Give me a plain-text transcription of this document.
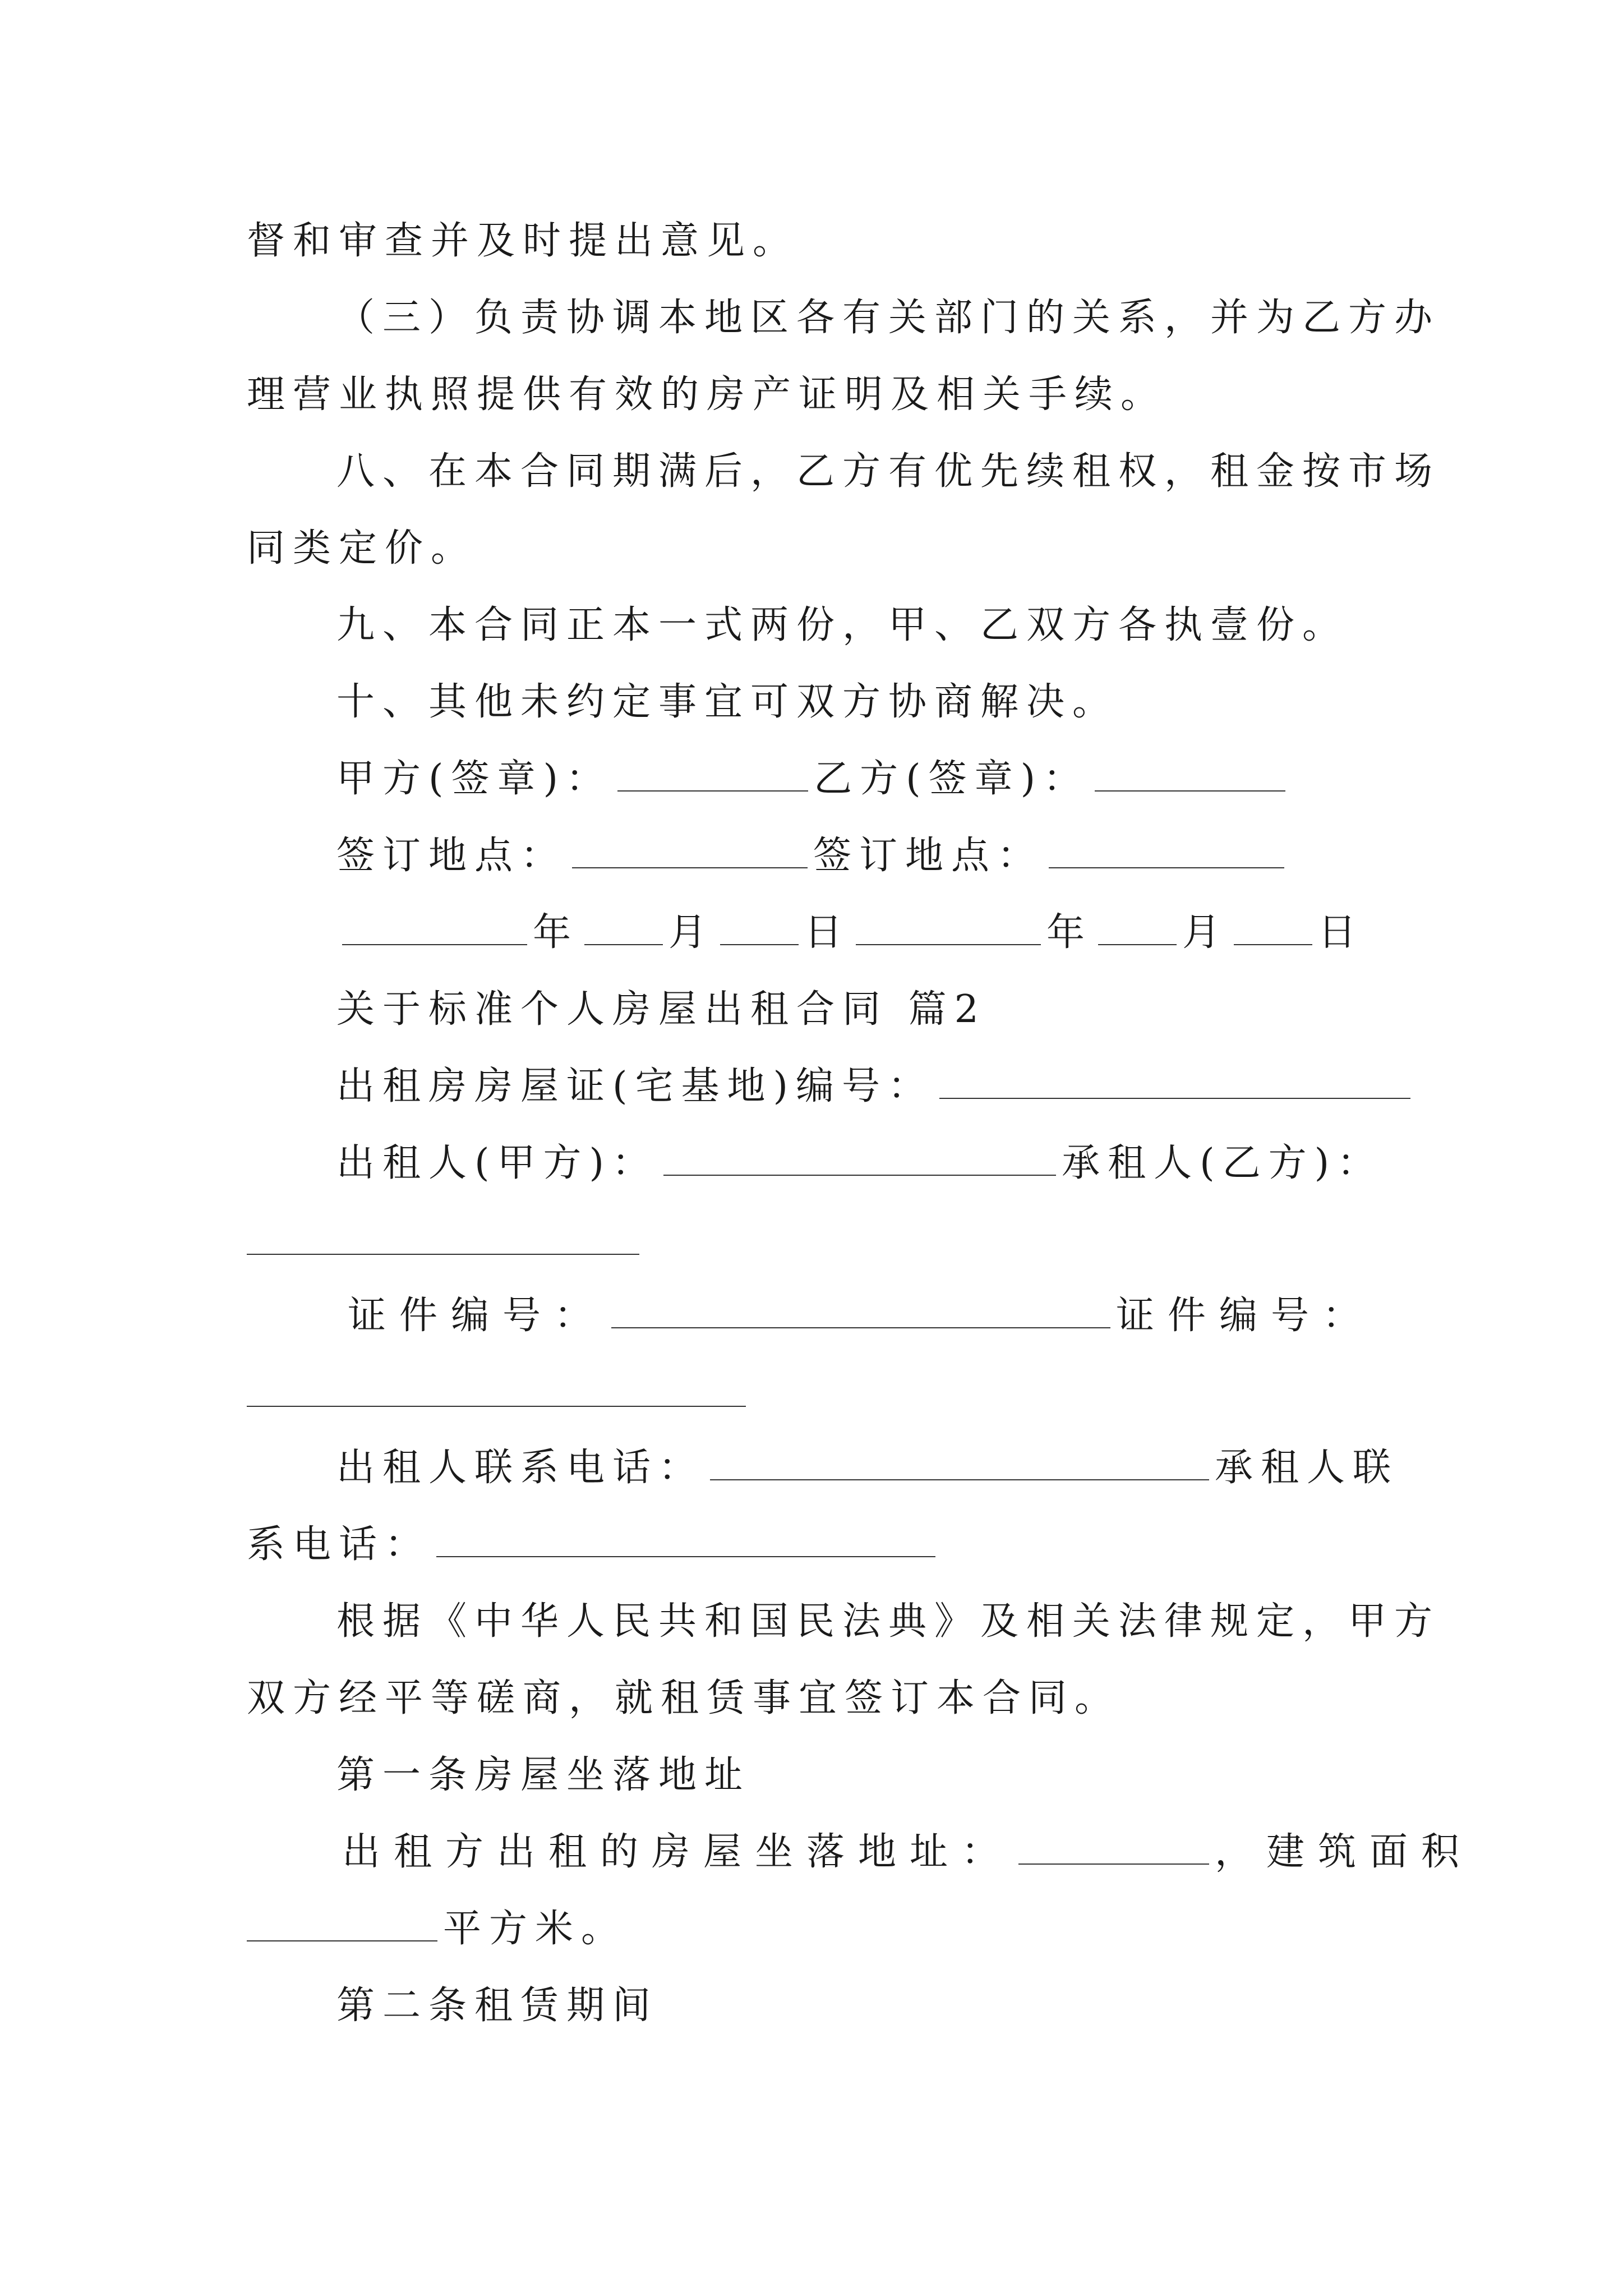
督和审查并及时提出意见。
（三）负责协调本地区各有关部门的关系，并为乙方办
理营业执照提供有效的房产证明及相关手续。
八、在本合同期满后，乙方有优先续租权，租金按市场
同类定价。
九、本合同正本一式两份，甲、乙双方各执壹份。
十、其他未约定事宜可双方协商解决。
甲方(签章)：	乙方(签章)：
签订地点：	签订地点：
年 月 日	年 月 日
关于标准个人房屋出租合同 篇2
出租房房屋证(宅基地)编号：
出租人(甲方)：	承租人(乙方)：
证件编号：	证件编号：
出租人联系电话：	承租人联
系电话：
根据《中华人民共和国民法典》及相关法律规定，甲方
双方经平等磋商，就租赁事宜签订本合同。
第一条房屋坐落地址
出租方出租的房屋坐落地址：	，建筑面积
平方米。
第二条租赁期间
